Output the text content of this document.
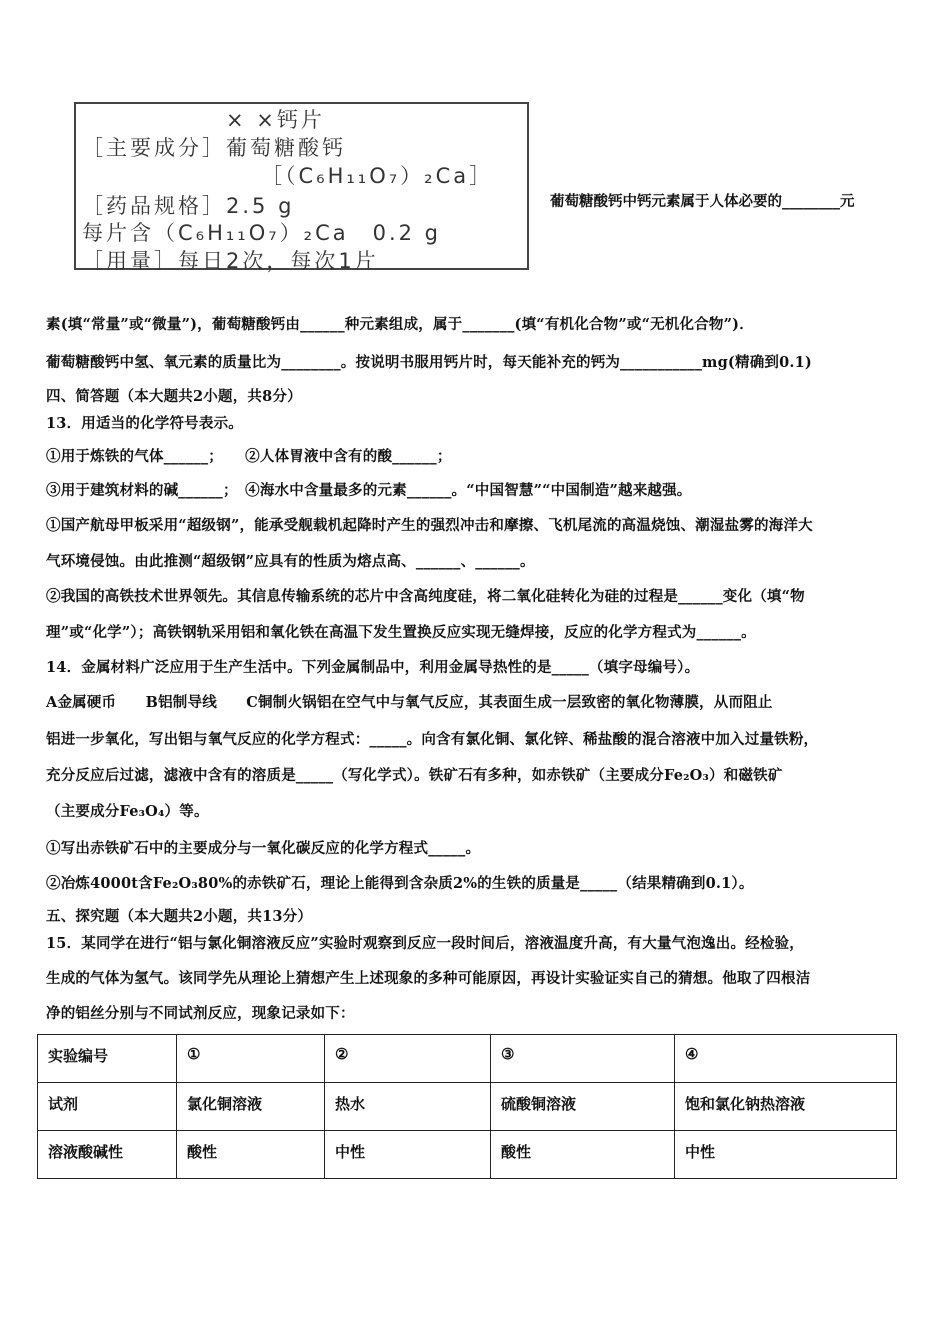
× ×钙片
［主要成分］葡萄糖酸钙
［（C₆H₁₁O₇）₂Ca］
［药品规格］2.5 g
每片含（C₆H₁₁O₇）₂Ca　0.2 g
［用量］每日2次，每次1片
葡萄糖酸钙中钙元素属于人体必要的________元
素(填“常量”或“微量”)，葡萄糖酸钙由______种元素组成，属于_______(填“有机化合物”或“无机化合物”)．
葡萄糖酸钙中氢、氧元素的质量比为________。按说明书服用钙片时，每天能补充的钙为___________mg(精确到0.1)
四、简答题（本大题共2小题，共8分）
13．用适当的化学符号表示。
①用于炼铁的气体______；　　②人体胃液中含有的酸______；
③用于建筑材料的碱______；　④海水中含量最多的元素______。“中国智慧”“中国制造”越来越强。
①国产航母甲板采用“超级钢”，能承受舰载机起降时产生的强烈冲击和摩擦、飞机尾流的高温烧蚀、潮湿盐雾的海洋大
气环境侵蚀。由此推测“超级钢”应具有的性质为熔点高、______、______。
②我国的高铁技术世界领先。其信息传输系统的芯片中含高纯度硅，将二氧化硅转化为硅的过程是______变化（填“物
理”或“化学”）；高铁钢轨采用铝和氧化铁在高温下发生置换反应实现无缝焊接，反应的化学方程式为______。
14．金属材料广泛应用于生产生活中。下列金属制品中，利用金属导热性的是_____（填字母编号）。
A金属硬币　　B铝制导线　　C铜制火锅铝在空气中与氧气反应，其表面生成一层致密的氧化物薄膜，从而阻止
铝进一步氧化，写出铝与氧气反应的化学方程式：_____。向含有氯化铜、氯化锌、稀盐酸的混合溶液中加入过量铁粉，
充分反应后过滤，滤液中含有的溶质是_____（写化学式）。铁矿石有多种，如赤铁矿（主要成分Fe₂O₃）和磁铁矿
（主要成分Fe₃O₄）等。
①写出赤铁矿石中的主要成分与一氧化碳反应的化学方程式_____。
②冶炼4000t含Fe₂O₃80%的赤铁矿石，理论上能得到含杂质2%的生铁的质量是_____（结果精确到0.1）。
五、探究题（本大题共2小题，共13分）
15．某同学在进行“铝与氯化铜溶液反应”实验时观察到反应一段时间后，溶液温度升高，有大量气泡逸出。经检验，
生成的气体为氢气。该同学先从理论上猜想产生上述现象的多种可能原因，再设计实验证实自己的猜想。他取了四根洁
净的铝丝分别与不同试剂反应，现象记录如下：
实验编号	①	②	③	④
试剂	氯化铜溶液	热水	硫酸铜溶液	饱和氯化钠热溶液
溶液酸碱性	酸性	中性	酸性	中性
